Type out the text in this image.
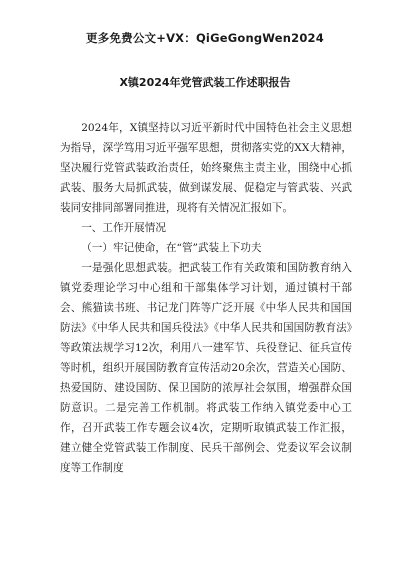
更多免费公文+VX：QiGeGongWen2024
X镇2024年党管武装工作述职报告

2024年，X镇坚持以习近平新时代中国特色社会主义思想为指导，深学笃用习近平强军思想，贯彻落实党的XX大精神，坚决履行党管武装政治责任，始终聚焦主责主业，围绕中心抓武装、服务大局抓武装，做到谋发展、促稳定与管武装、兴武装同安排同部署同推进，现将有关情况汇报如下。

一、工作开展情况

（一）牢记使命，在“管”武装上下功夫

一是强化思想武装。把武装工作有关政策和国防教育纳入镇党委理论学习中心组和干部集体学习计划，通过镇村干部会、熊猫读书班、书记龙门阵等广泛开展《中华人民共和国国防法》《中华人民共和国兵役法》《中华人民共和国国防教育法》等政策法规学习12次，利用八一建军节、兵役登记、征兵宣传等时机，组织开展国防教育宣传活动20余次，营造关心国防、热爱国防、建设国防、保卫国防的浓厚社会氛围，增强群众国防意识。二是完善工作机制。将武装工作纳入镇党委中心工作，召开武装工作专题会议4次，定期听取镇武装工作汇报，建立健全党管武装工作制度、民兵干部例会、党委议军会议制度等工作制度
